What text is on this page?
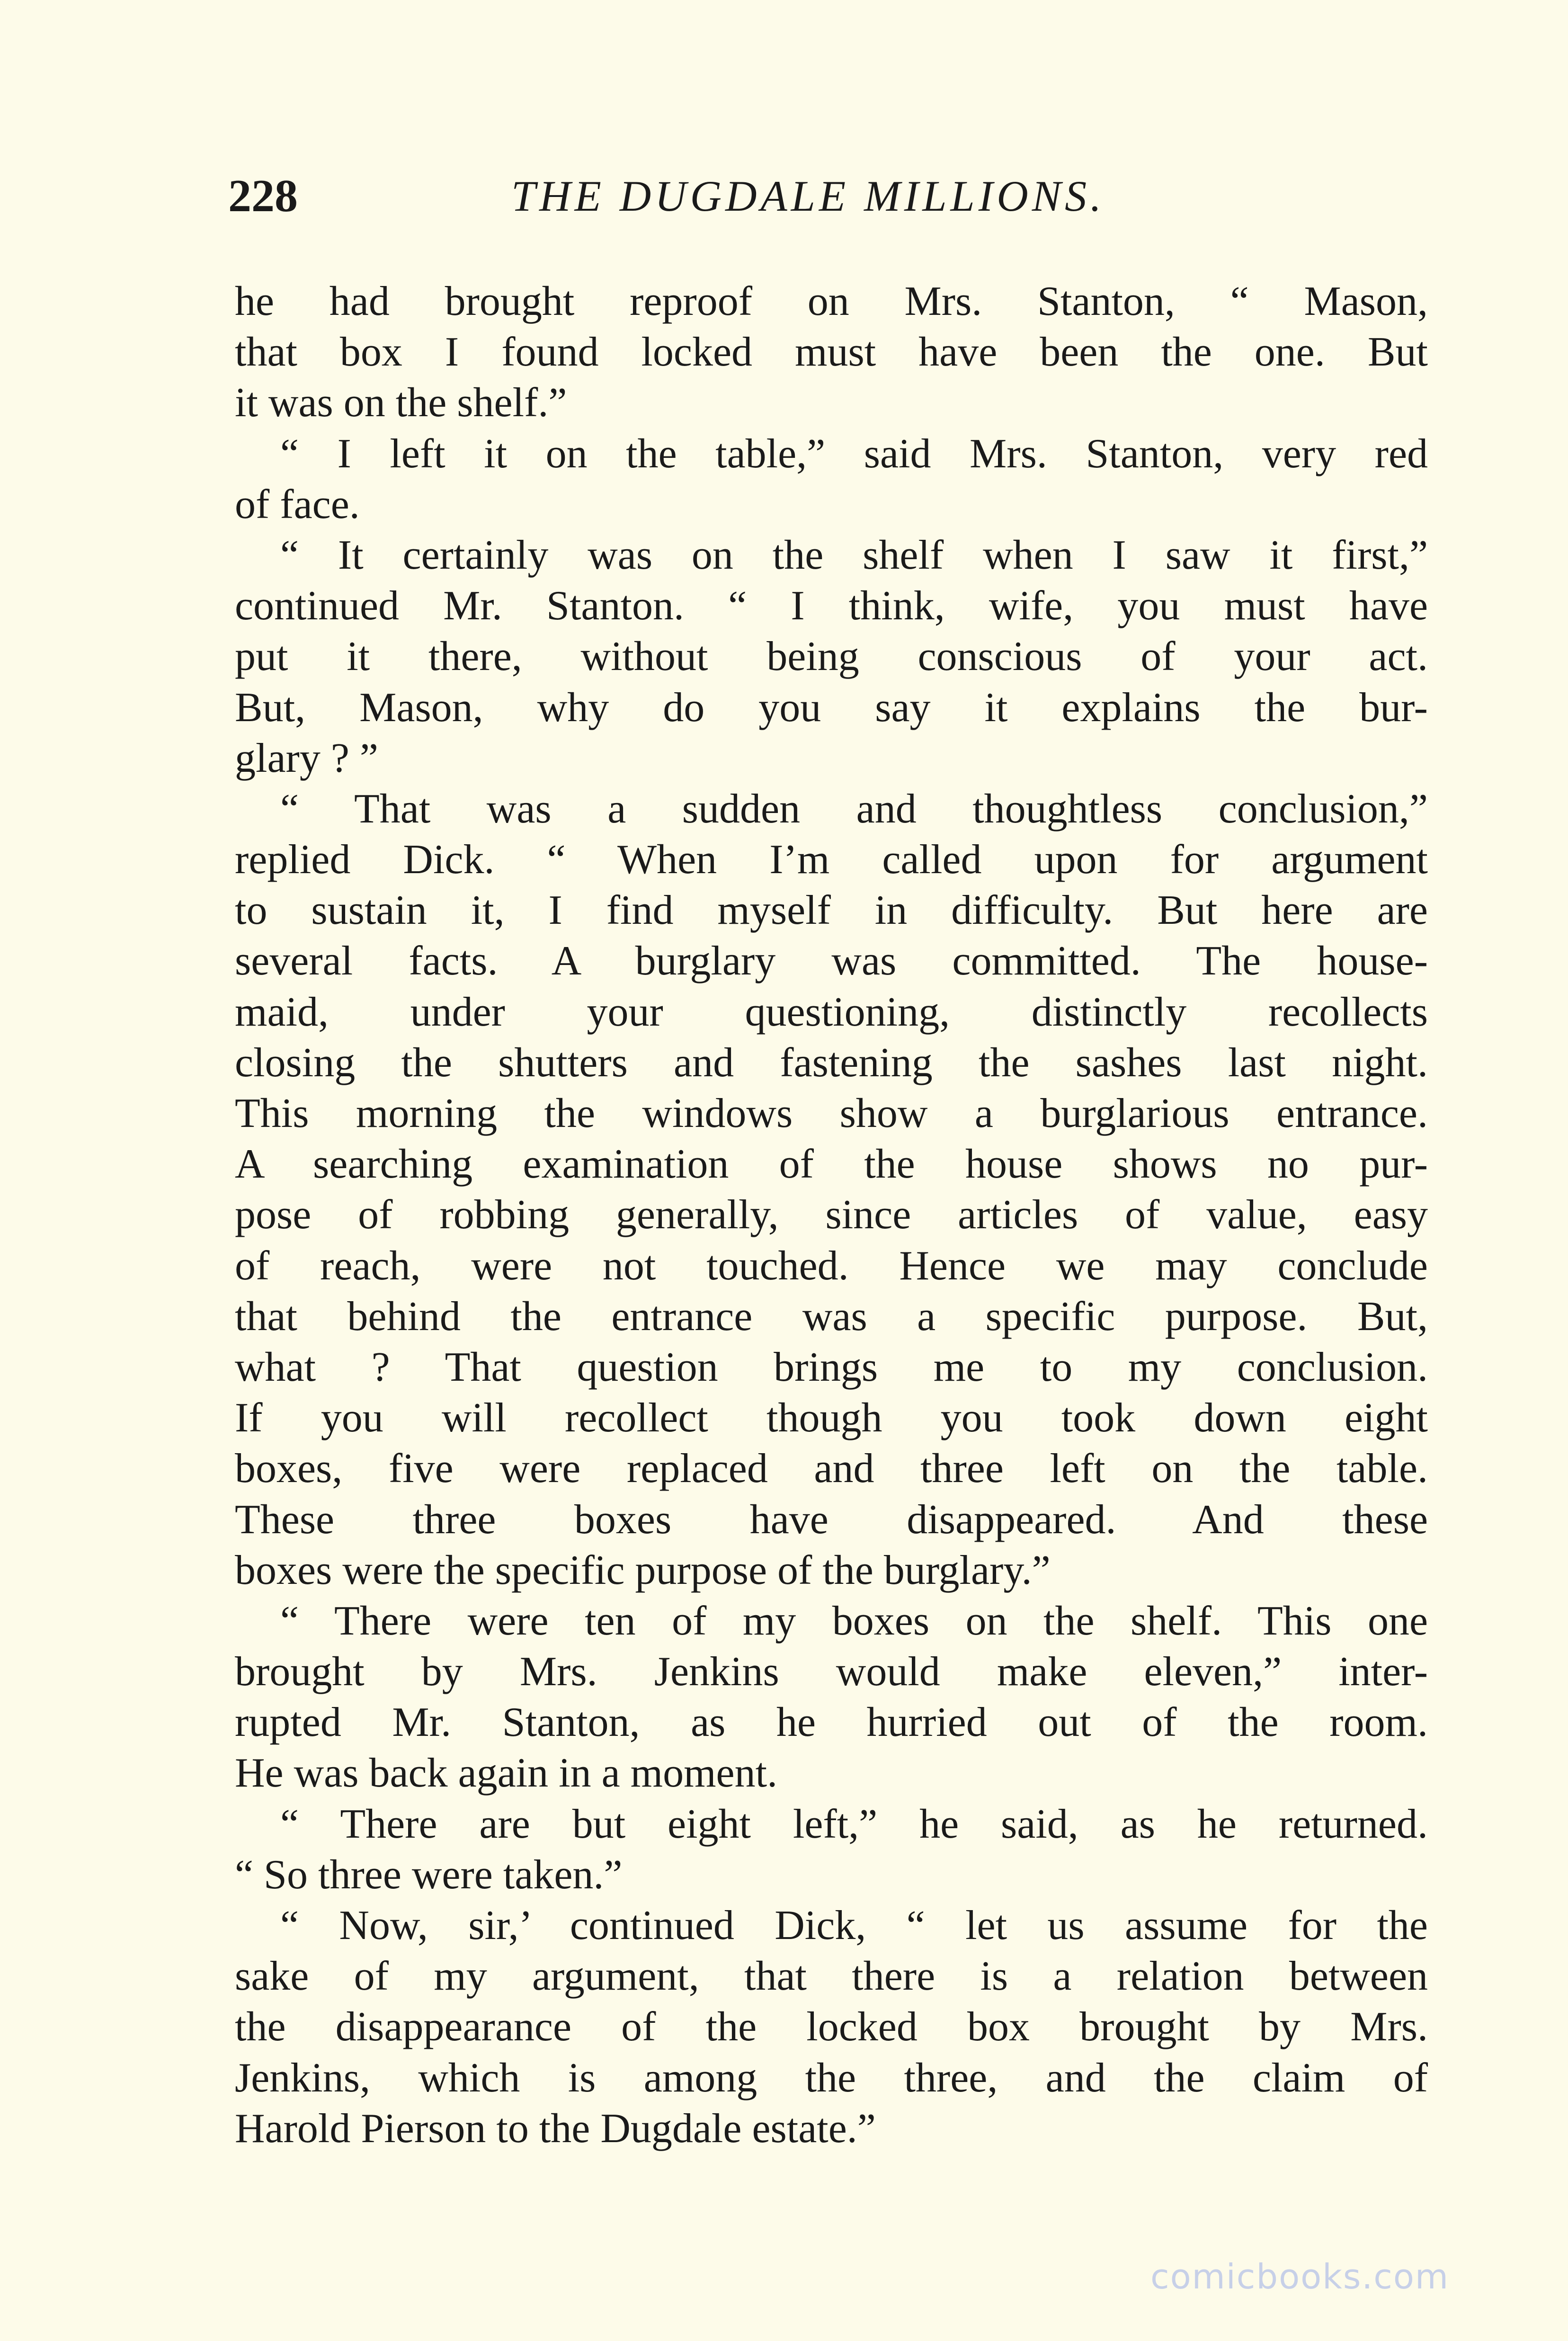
228	THE DUGDALE MILLIONS.
he had brought reproof on Mrs. Stanton, “ Mason,
that box I found locked must have been the one. But
it was on the shelf.”
“ I left it on the table,” said Mrs. Stanton, very red
of face.
“ It certainly was on the shelf when I saw it first,”
continued Mr. Stanton. “ I think, wife, you must have
put it there, without being conscious of your act.
But, Mason, why do you say it explains the bur-
glary ? ”
“ That was a sudden and thoughtless conclusion,”
replied Dick. “ When I’m called upon for argument
to sustain it, I find myself in difficulty. But here are
several facts. A burglary was committed. The house-
maid, under your questioning, distinctly recollects
closing the shutters and fastening the sashes last night.
This morning the windows show a burglarious entrance.
A searching examination of the house shows no pur-
pose of robbing generally, since articles of value, easy
of reach, were not touched. Hence we may conclude
that behind the entrance was a specific purpose. But,
what ? That question brings me to my conclusion.
If you will recollect though you took down eight
boxes, five were replaced and three left on the table.
These three boxes have disappeared. And these
boxes were the specific purpose of the burglary.”
“ There were ten of my boxes on the shelf. This one
brought by Mrs. Jenkins would make eleven,” inter-
rupted Mr. Stanton, as he hurried out of the room.
He was back again in a moment.
“ There are but eight left,” he said, as he returned.
“ So three were taken.”
“ Now, sir,’ continued Dick, “ let us assume for the
sake of my argument, that there is a relation between
the disappearance of the locked box brought by Mrs.
Jenkins, which is among the three, and the claim of
Harold Pierson to the Dugdale estate.”
comicbooks.com
